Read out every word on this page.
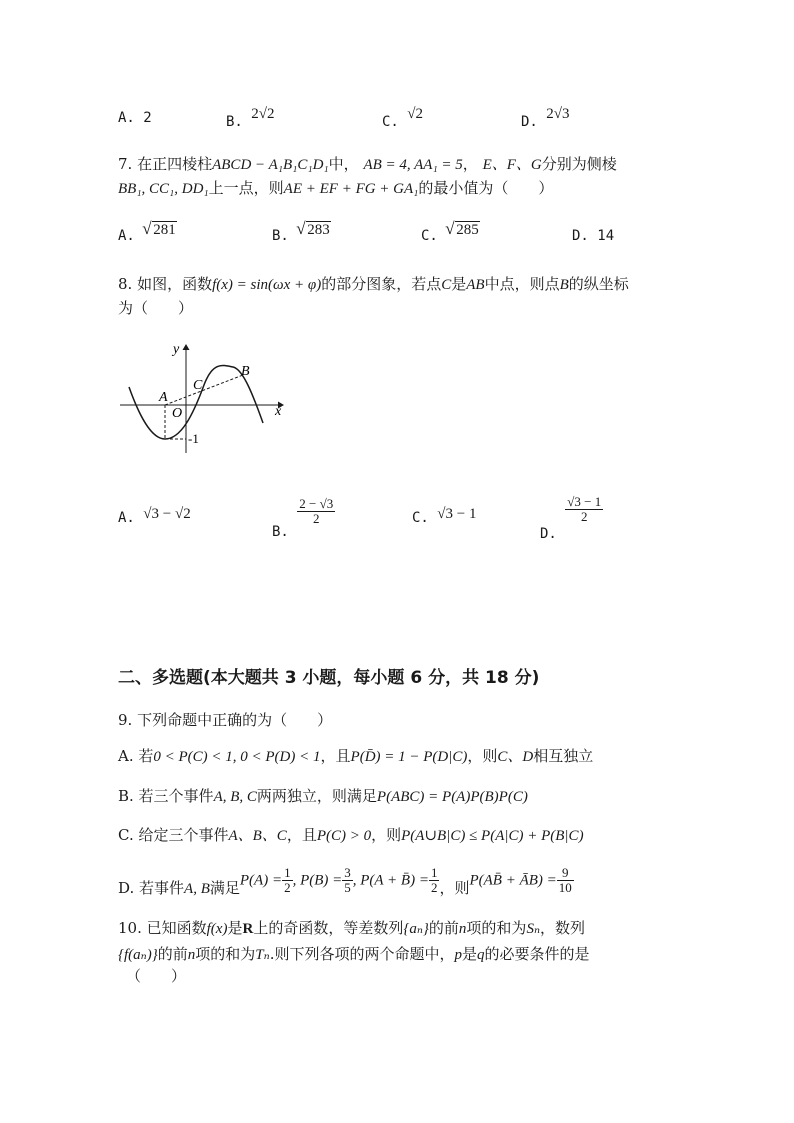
A. 2	B. 2√2	C. √2	D. 2√3
7. 在正四棱柱ABCD − A₁B₁C₁D₁中， AB = 4, AA₁ = 5， E、F、G分别为侧棱
BB₁, CC₁, DD₁上一点，则AE + EF + FG + GA₁的最小值为（　　）
A. √ 281	B. √ 283	C. √ 285	D. 14
8. 如图，函数f(x) = sin(ωx + φ)的部分图象，若点C是AB中点，则点B的纵坐标
为（　　）
y
x
A
O
C
B
-1
A. √3 − √2
B.
$\frac{2 - √3}{2}$	C. √3 − 1
D.
$\frac{√3 - 1}{2}$
二、多选题(本大题共 3 小题，每小题 6 分，共 18 分)
9. 下列命题中正确的为（　　）
A. 若0 < P(C) < 1, 0 < P(D) < 1，且P(D̄) = 1 − P(D|C)，则C、D相互独立
B. 若三个事件A, B, C两两独立，则满足P(ABC) = P(A)P(B)P(C)
C. 给定三个事件A、B、C，且P(C) > 0，则P(A∪B|C) ≤ P(A|C) + P(B|C)
D. 若事件A, B满足$P(A) = \frac{1}{2}$ , $P(B) = \frac{3}{5}$ , P(A + B̄) = $\frac{1}{2}$ ，则P(AB̄ + ĀB) = $\frac{9}{10}$
10. 已知函数f(x)是R上的奇函数，等差数列{aₙ}的前n项的和为Sₙ，数列
{f(aₙ)}的前n项的和为Tₙ.则下列各项的两个命题中，p是q的必要条件的是
（　　）
